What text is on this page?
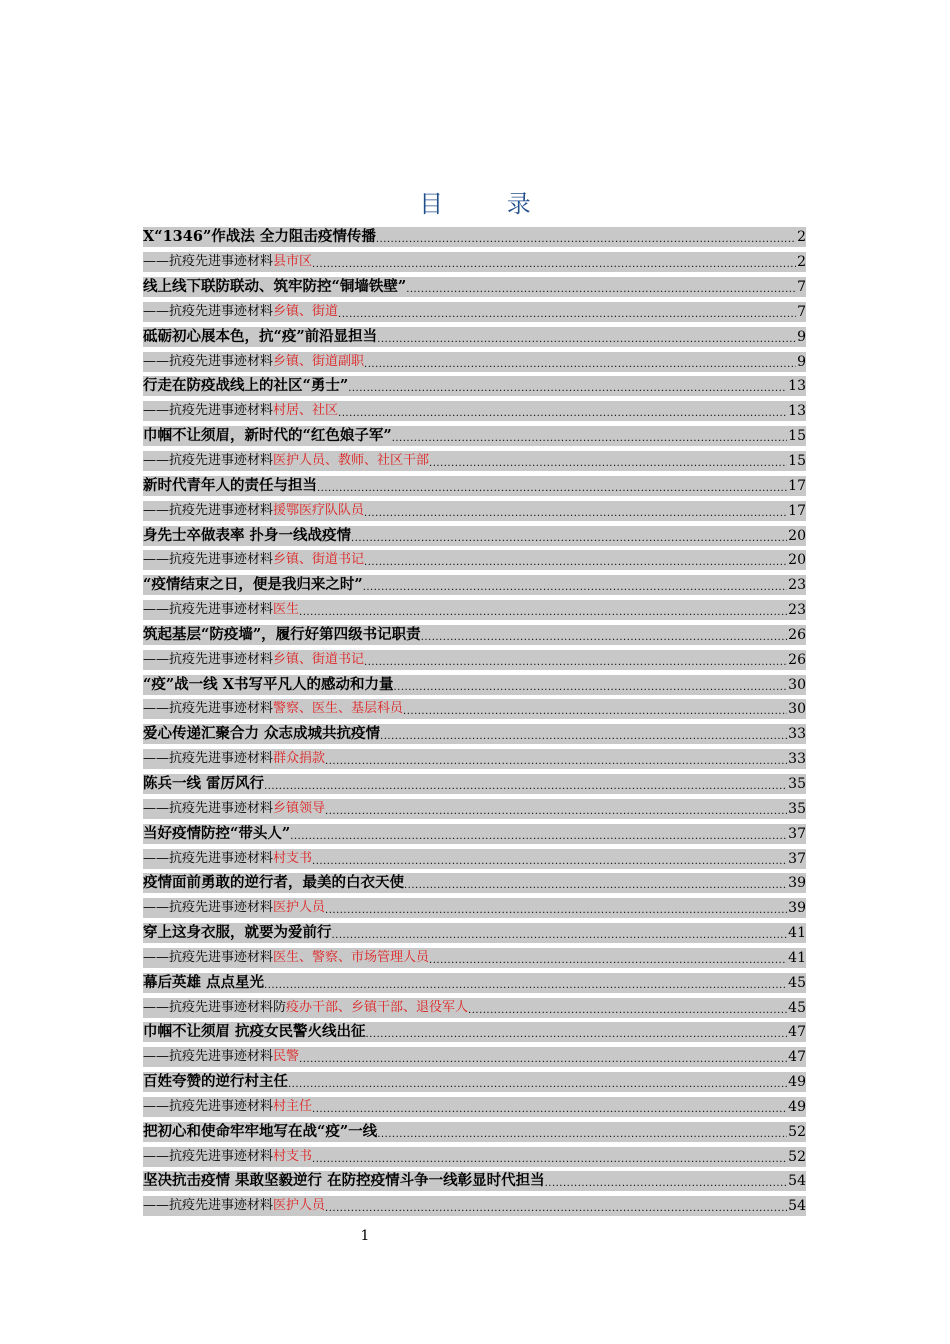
目 录
X“1346”作战法 全力阻击疫情传播 .....	2
——抗疫先进事迹材料县市区 .....	2
线上线下联防联动、筑牢防控“铜墙铁壁” .....	7
——抗疫先进事迹材料乡镇、街道 .....	7
砥砺初心展本色，抗“疫”前沿显担当 .....	9
——抗疫先进事迹材料乡镇、街道副职 .....	9
行走在防疫战线上的社区“勇士” .....	13
——抗疫先进事迹材料村居、社区 .....	13
巾帼不让须眉，新时代的“红色娘子军” .....	15
——抗疫先进事迹材料医护人员、教师、社区干部 .....	15
新时代青年人的责任与担当 .....	17
——抗疫先进事迹材料援鄂医疗队队员 .....	17
身先士卒做表率 扑身一线战疫情 .....	20
——抗疫先进事迹材料乡镇、街道书记 .....	20
“疫情结束之日，便是我归来之时” .....	23
——抗疫先进事迹材料医生 .....	23
筑起基层“防疫墙”，履行好第四级书记职责 .....	26
——抗疫先进事迹材料乡镇、街道书记 .....	26
“疫”战一线 X书写平凡人的感动和力量 .....	30
——抗疫先进事迹材料警察、医生、基层科员 .....	30
爱心传递汇聚合力 众志成城共抗疫情 .....	33
——抗疫先进事迹材料群众捐款 .....	33
陈兵一线 雷厉风行 .....	35
——抗疫先进事迹材料乡镇领导 .....	35
当好疫情防控“带头人” .....	37
——抗疫先进事迹材料村支书 .....	37
疫情面前勇敢的逆行者，最美的白衣天使 .....	39
——抗疫先进事迹材料医护人员 .....	39
穿上这身衣服，就要为爱前行 .....	41
——抗疫先进事迹材料医生、警察、市场管理人员 .....	41
幕后英雄 点点星光 .....	45
——抗疫先进事迹材料防疫办干部、乡镇干部、退役军人 .....	45
巾帼不让须眉 抗疫女民警火线出征 .....	47
——抗疫先进事迹材料民警 .....	47
百姓夸赞的逆行村主任 .....	49
——抗疫先进事迹材料村主任 .....	49
把初心和使命牢牢地写在战“疫”一线 .....	52
——抗疫先进事迹材料村支书 .....	52
坚决抗击疫情 果敢坚毅逆行 在防控疫情斗争一线彰显时代担当 .....	54
——抗疫先进事迹材料医护人员 .....	54
1
